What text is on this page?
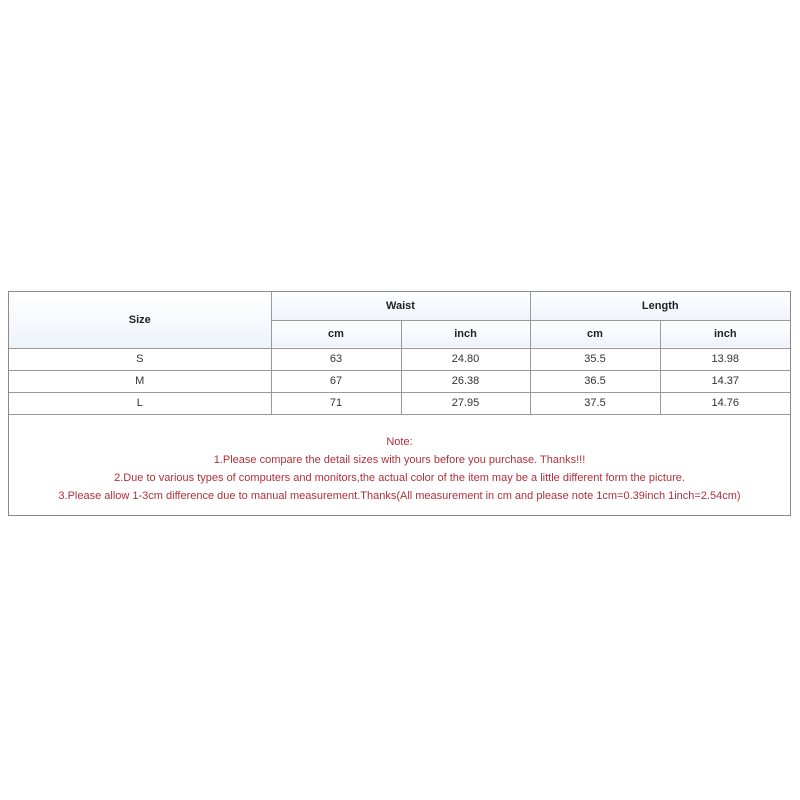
Size	Waist		Length	
	cm	inch	cm	inch
S	63	24.80	35.5	13.98
M	67	26.38	36.5	14.37
L	71	27.95	37.5	14.76
Note:
1.Please compare the detail sizes with yours before you purchase. Thanks!!!
2.Due to various types of computers and monitors,the actual color of the item may be a little different form the picture.
3.Please allow 1-3cm difference due to manual measurement.Thanks(All measurement in cm and please note 1cm=0.39inch 1inch=2.54cm)
